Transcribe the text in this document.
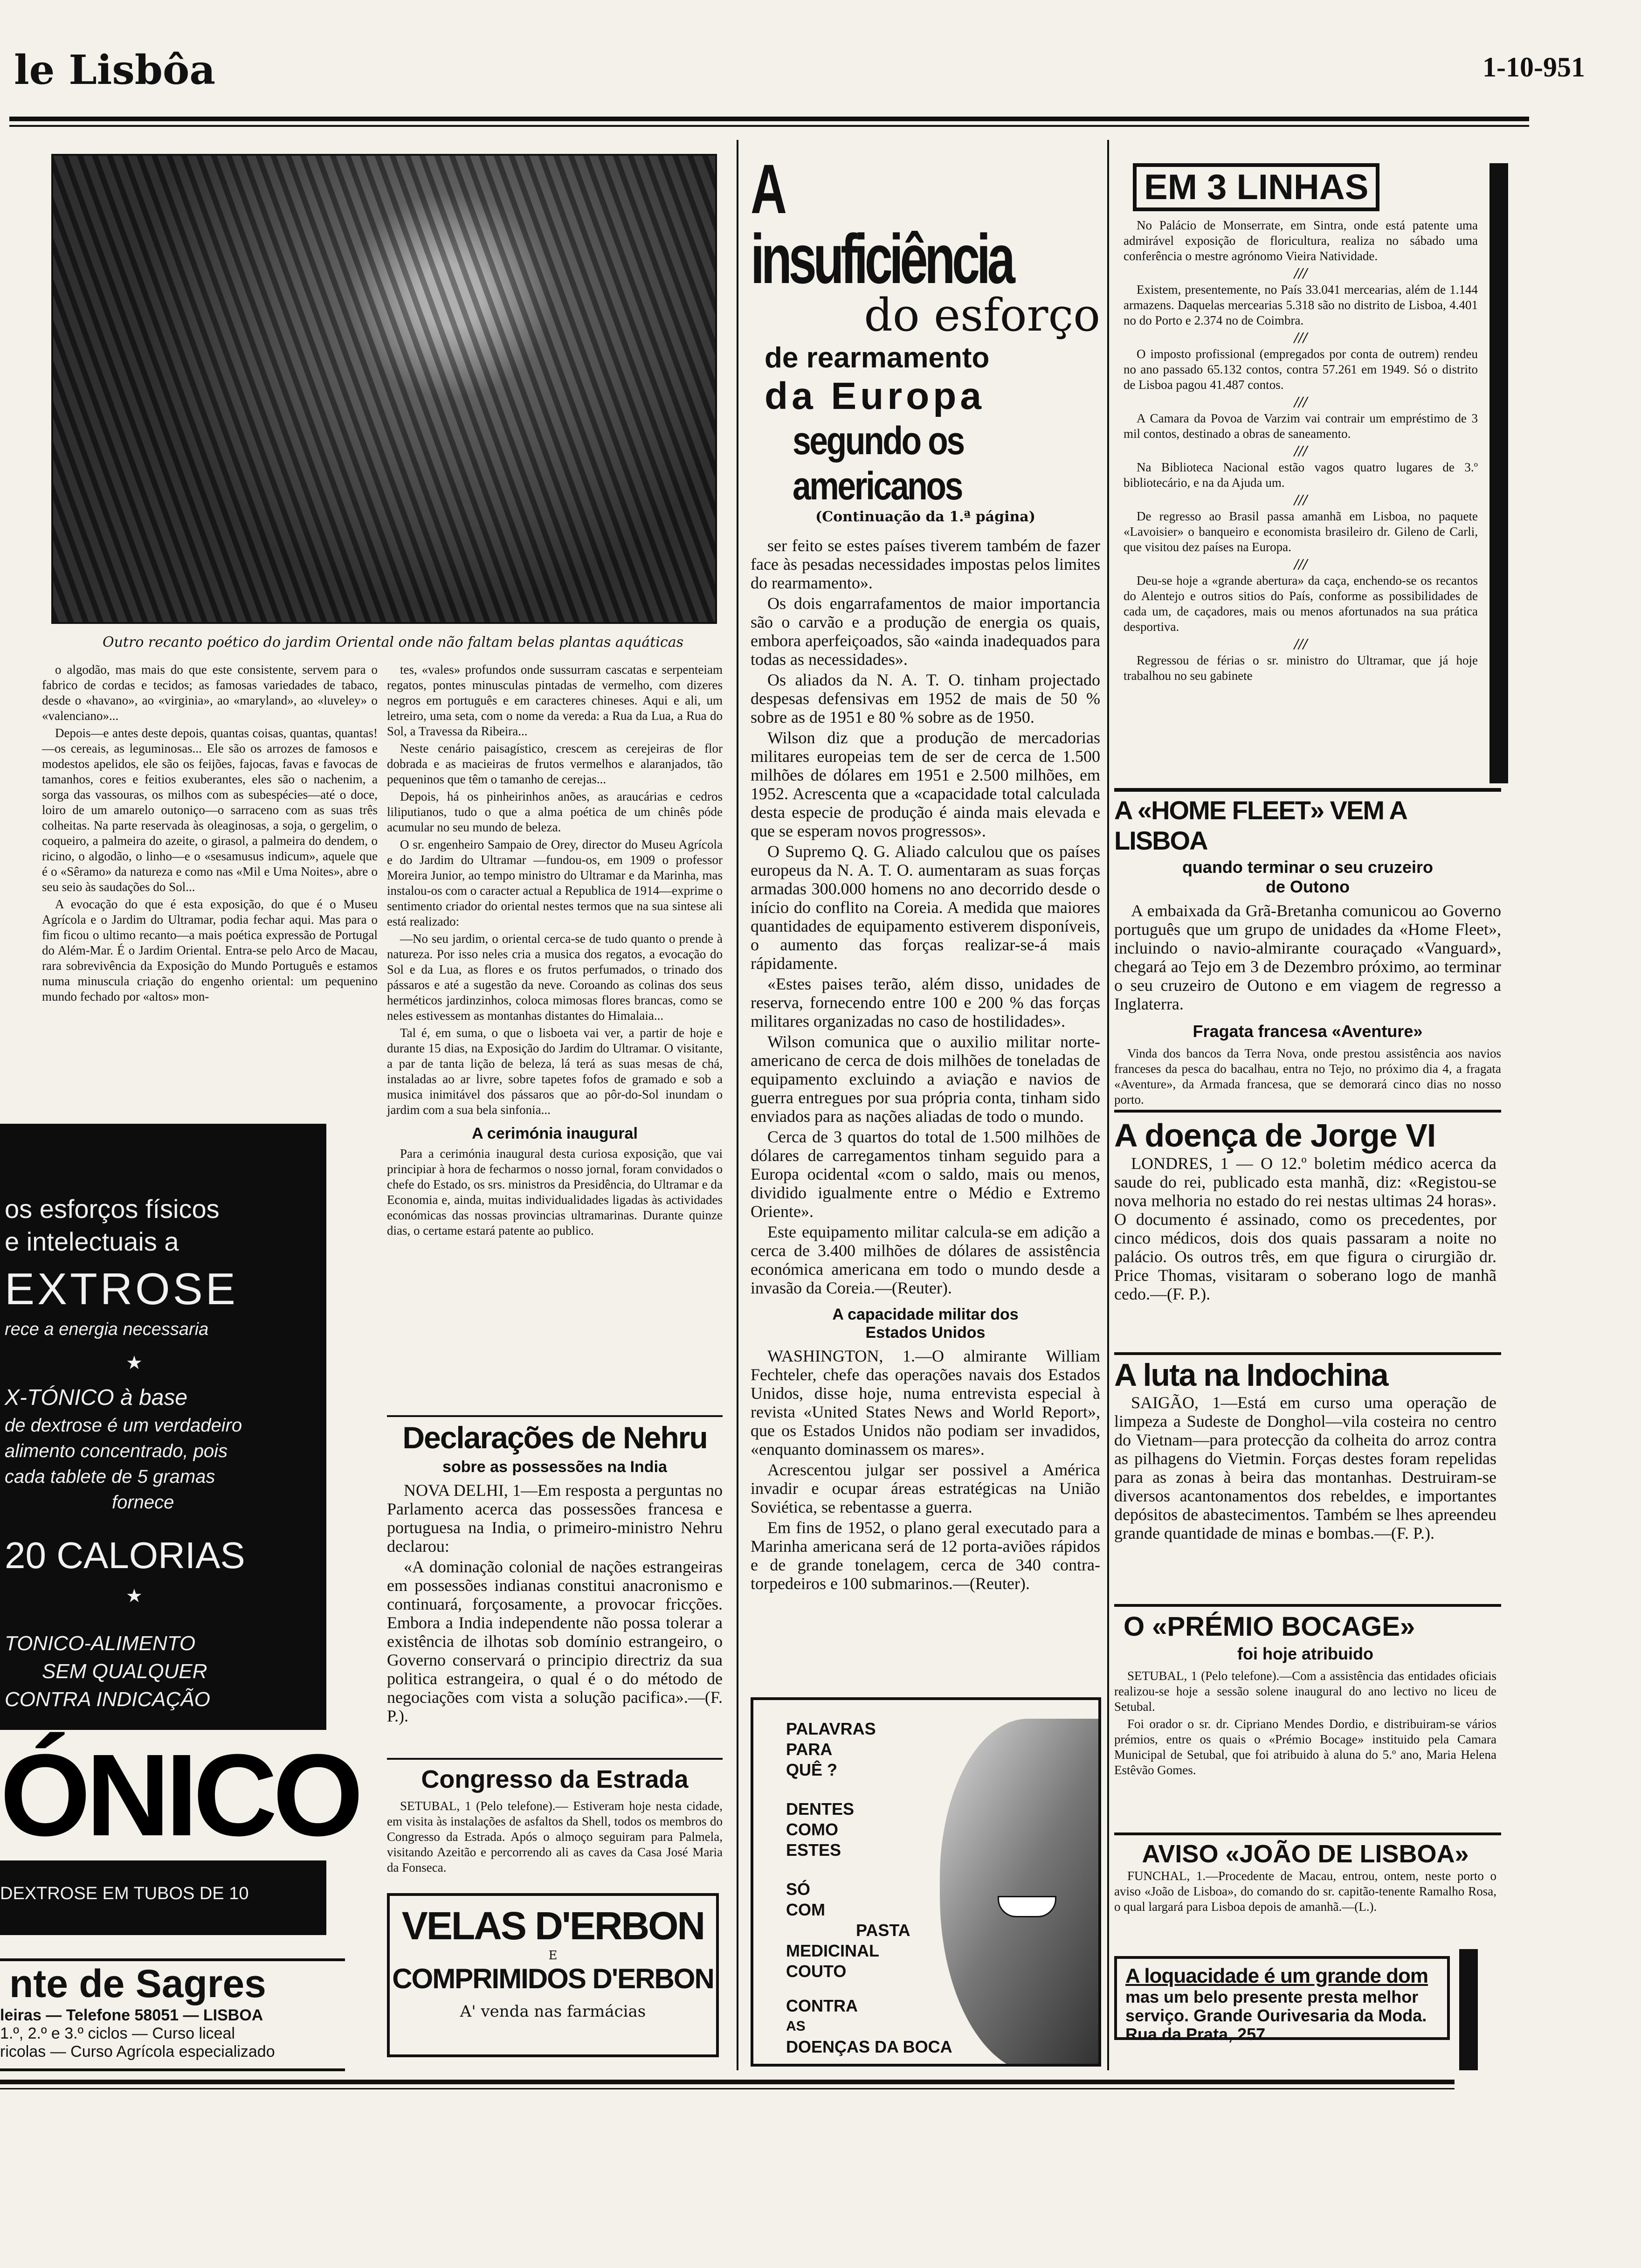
le Lisbôa	1-10-951
Outro recanto poético do jardim Oriental onde não faltam belas plantas aquáticas

o algodão, mas mais do que este consistente, servem para o fabrico de cordas e tecidos; as famosas variedades de tabaco, desde o «havano», ao «virginia», ao «maryland», ao «luveley» o «valenciano»...

Depois—e antes deste depois, quantas coisas, quantas, quantas!—os cereais, as leguminosas... Ele são os arrozes de famosos e modestos apelidos, ele são os feijões, fajocas, favas e favocas de tamanhos, cores e feitios exuberantes, eles são o nachenim, a sorga das vassouras, os milhos com as subespécies—até o doce, loiro de um amarelo outoniço—o sarraceno com as suas três colheitas. Na parte reservada às oleaginosas, a soja, o gergelim, o coqueiro, a palmeira do azeite, o girasol, a palmeira do dendem, o ricino, o algodão, o linho—e o «sesamusus indicum», aquele que é o «Sêramo» da natureza e como nas «Mil e Uma Noites», abre o seu seio às saudações do Sol...

A evocação do que é esta exposição, do que é o Museu Agrícola e o Jardim do Ultramar, podia fechar aqui. Mas para o fim ficou o ultimo recanto—a mais poética expressão de Portugal do Além-Mar. É o Jardim Oriental. Entra-se pelo Arco de Macau, rara sobrevivência da Exposição do Mundo Português e estamos numa minuscula criação do engenho oriental: um pequenino mundo fechado por «altos» mon-

tes, «vales» profundos onde sussurram cascatas e serpenteiam regatos, pontes minusculas pintadas de vermelho, com dizeres negros em português e em caracteres chineses. Aqui e ali, um letreiro, uma seta, com o nome da vereda: a Rua da Lua, a Rua do Sol, a Travessa da Ribeira...

Neste cenário paisagístico, crescem as cerejeiras de flor dobrada e as macieiras de frutos vermelhos e alaranjados, tão pequeninos que têm o tamanho de cerejas...

Depois, há os pinheirinhos anões, as araucárias e cedros liliputianos, tudo o que a alma poética de um chinês póde acumular no seu mundo de beleza.

O sr. engenheiro Sampaio de Orey, director do Museu Agrícola e do Jardim do Ultramar —fundou-os, em 1909 o professor Moreira Junior, ao tempo ministro do Ultramar e da Marinha, mas instalou-os com o caracter actual a Republica de 1914—exprime o sentimento criador do oriental nestes termos que na sua sintese ali está realizado:

—No seu jardim, o oriental cerca-se de tudo quanto o prende à natureza. Por isso neles cria a musica dos regatos, a evocação do Sol e da Lua, as flores e os frutos perfumados, o trinado dos pássaros e até a sugestão da neve. Coroando as colinas dos seus herméticos jardinzinhos, coloca mimosas flores brancas, como se neles estivessem as montanhas distantes do Himalaia...

Tal é, em suma, o que o lisboeta vai ver, a partir de hoje e durante 15 dias, na Exposição do Jardim do Ultramar. O visitante, a par de tanta lição de beleza, lá terá as suas mesas de chá, instaladas ao ar livre, sobre tapetes fofos de gramado e sob a musica inimitável dos pássaros que ao pôr-do-Sol inundam o jardim com a sua bela sinfonia...

A cerimónia inaugural

Para a cerimónia inaugural desta curiosa exposição, que vai principiar à hora de fecharmos o nosso jornal, foram convidados o chefe do Estado, os srs. ministros da Presidência, do Ultramar e da Economia e, ainda, muitas individualidades ligadas às actividades económicas das nossas provincias ultramarinas. Durante quinze dias, o certame estará patente ao publico.

Declarações de Nehru
sobre as possessões na India

NOVA DELHI, 1—Em resposta a perguntas no Parlamento acerca das possessões francesa e portuguesa na India, o primeiro-ministro Nehru declarou:

«A dominação colonial de nações estrangeiras em possessões indianas constitui anacronismo e continuará, forçosamente, a provocar fricções. Embora a India independente não possa tolerar a existência de ilhotas sob domínio estrangeiro, o Governo conservará o principio directriz da sua politica estrangeira, o qual é o do método de negociações com vista a solução pacifica».—(F. P.).

Congresso da Estrada

SETUBAL, 1 (Pelo telefone).— Estiveram hoje nesta cidade, em visita às instalações de asfaltos da Shell, todos os membros do Congresso da Estrada. Após o almoço seguiram para Palmela, visitando Azeitão e percorrendo ali as caves da Casa José Maria da Fonseca.

VELAS D'ERBON
E
COMPRIMIDOS D'ERBON
A' venda nas farmácias
os esforços físicos
e intelectuais a
EXTROSE
rece a energia necessaria
★
X-TÓNICO à base
de dextrose é um verdadeiro
alimento concentrado, pois
cada tablete de 5 gramas
fornece
20 CALORIAS
★
TONICO-ALIMENTO
SEM QUALQUER
CONTRA INDICAÇÃO
ÓNICO
DEXTROSE EM TUBOS DE 10
nte de Sagres
leiras — Telefone 58051 — LISBOA
1.º, 2.º e 3.º ciclos — Curso liceal
ricolas — Curso Agrícola especializado
A insuficiência
do esforço
de rearmamento
da Europa
segundo os americanos
(Continuação da 1.ª página)

ser feito se estes países tiverem também de fazer face às pesadas necessidades impostas pelos limites do rearmamento».

Os dois engarrafamentos de maior importancia são o carvão e a produção de energia os quais, embora aperfeiçoados, são «ainda inadequados para todas as necessidades».

Os aliados da N. A. T. O. tinham projectado despesas defensivas em 1952 de mais de 50 % sobre as de 1951 e 80 % sobre as de 1950.

Wilson diz que a produção de mercadorias militares europeias tem de ser de cerca de 1.500 milhões de dólares em 1951 e 2.500 milhões, em 1952. Acrescenta que a «capacidade total calculada desta especie de produção é ainda mais elevada e que se esperam novos progressos».

O Supremo Q. G. Aliado calculou que os países europeus da N. A. T. O. aumentaram as suas forças armadas 300.000 homens no ano decorrido desde o início do conflito na Coreia. A medida que maiores quantidades de equipamento estiverem disponíveis, o aumento das forças realizar-se-á mais rápidamente.

«Estes paises terão, além disso, unidades de reserva, fornecendo entre 100 e 200 % das forças militares organizadas no caso de hostilidades».

Wilson comunica que o auxilio militar norte-americano de cerca de dois milhões de toneladas de equipamento excluindo a aviação e navios de guerra entregues por sua própria conta, tinham sido enviados para as nações aliadas de todo o mundo.

Cerca de 3 quartos do total de 1.500 milhões de dólares de carregamentos tinham seguido para a Europa ocidental «com o saldo, mais ou menos, dividido igualmente entre o Médio e Extremo Oriente».

Este equipamento militar calcula-se em adição a cerca de 3.400 milhões de dólares de assistência económica americana em todo o mundo desde a invasão da Coreia.—(Reuter).

A capacidade militar dos Estados Unidos

WASHINGTON, 1.—O almirante William Fechteler, chefe das operações navais dos Estados Unidos, disse hoje, numa entrevista especial à revista «United States News and World Report», que os Estados Unidos não podiam ser invadidos, «enquanto dominassem os mares».

Acrescentou julgar ser possivel a América invadir e ocupar áreas estratégicas na União Soviética, se rebentasse a guerra.

Em fins de 1952, o plano geral executado para a Marinha americana será de 12 porta-aviões rápidos e de grande tonelagem, cerca de 340 contra-torpedeiros e 100 submarinos.—(Reuter).

PALAVRAS
PARA
QUÊ ?
DENTES
COMO
ESTES
SÓ
COM
PASTA
MEDICINAL
COUTO
CONTRA
AS
DOENÇAS DA BOCA
EM 3 LINHAS

No Palácio de Monserrate, em Sintra, onde está patente uma admirável exposição de floricultura, realiza no sábado uma conferência o mestre agrónomo Vieira Natividade.

///

Existem, presentemente, no País 33.041 mercearias, além de 1.144 armazens. Daquelas mercearias 5.318 são no distrito de Lisboa, 4.401 no do Porto e 2.374 no de Coimbra.

///

O imposto profissional (empregados por conta de outrem) rendeu no ano passado 65.132 contos, contra 57.261 em 1949. Só o distrito de Lisboa pagou 41.487 contos.

///

A Camara da Povoa de Varzim vai contrair um empréstimo de 3 mil contos, destinado a obras de saneamento.

///

Na Biblioteca Nacional estão vagos quatro lugares de 3.º bibliotecário, e na da Ajuda um.

///

De regresso ao Brasil passa amanhã em Lisboa, no paquete «Lavoisier» o banqueiro e economista brasileiro dr. Gileno de Carli, que visitou dez países na Europa.

///

Deu-se hoje a «grande abertura» da caça, enchendo-se os recantos do Alentejo e outros sitios do País, conforme as possibilidades de cada um, de caçadores, mais ou menos afortunados na sua prática desportiva.

///

Regressou de férias o sr. ministro do Ultramar, que já hoje trabalhou no seu gabinete

A «HOME FLEET» VEM A LISBOA
quando terminar o seu cruzeiro de Outono

A embaixada da Grã-Bretanha comunicou ao Governo português que um grupo de unidades da «Home Fleet», incluindo o navio-almirante couraçado «Vanguard», chegará ao Tejo em 3 de Dezembro próximo, ao terminar o seu cruzeiro de Outono e em viagem de regresso a Inglaterra.

Fragata francesa «Aventure»

Vinda dos bancos da Terra Nova, onde prestou assistência aos navios franceses da pesca do bacalhau, entra no Tejo, no próximo dia 4, a fragata «Aventure», da Armada francesa, que se demorará cinco dias no nosso porto.

A doença de Jorge VI

LONDRES, 1 — O 12.º boletim médico acerca da saude do rei, publicado esta manhã, diz: «Registou-se nova melhoria no estado do rei nestas ultimas 24 horas». O documento é assinado, como os precedentes, por cinco médicos, dois dos quais passaram a noite no palácio. Os outros três, em que figura o cirurgião dr. Price Thomas, visitaram o soberano logo de manhã cedo.—(F. P.).

A luta na Indochina

SAIGÃO, 1—Está em curso uma operação de limpeza a Sudeste de Donghol—vila costeira no centro do Vietnam—para protecção da colheita do arroz contra as pilhagens do Vietmin. Forças destes foram repelidas para as zonas à beira das montanhas. Destruiram-se diversos acantonamentos dos rebeldes, e importantes depósitos de abastecimentos. Também se lhes apreendeu grande quantidade de minas e bombas.—(F. P.).

O «PRÉMIO BOCAGE»
foi hoje atribuido

SETUBAL, 1 (Pelo telefone).—Com a assistência das entidades oficiais realizou-se hoje a sessão solene inaugural do ano lectivo no liceu de Setubal.

Foi orador o sr. dr. Cipriano Mendes Dordio, e distribuiram-se vários prémios, entre os quais o «Prémio Bocage» instituido pela Camara Municipal de Setubal, que foi atribuido à aluna do 5.º ano, Maria Helena Estêvão Gomes.

AVISO «JOÃO DE LISBOA»

FUNCHAL, 1.—Procedente de Macau, entrou, ontem, neste porto o aviso «João de Lisboa», do comando do sr. capitão-tenente Ramalho Rosa, o qual largará para Lisboa depois de amanhã.—(L.).

A loquacidade é um grande dom
mas um belo presente presta melhor serviço. Grande Ourivesaria da Moda. Rua da Prata, 257.
